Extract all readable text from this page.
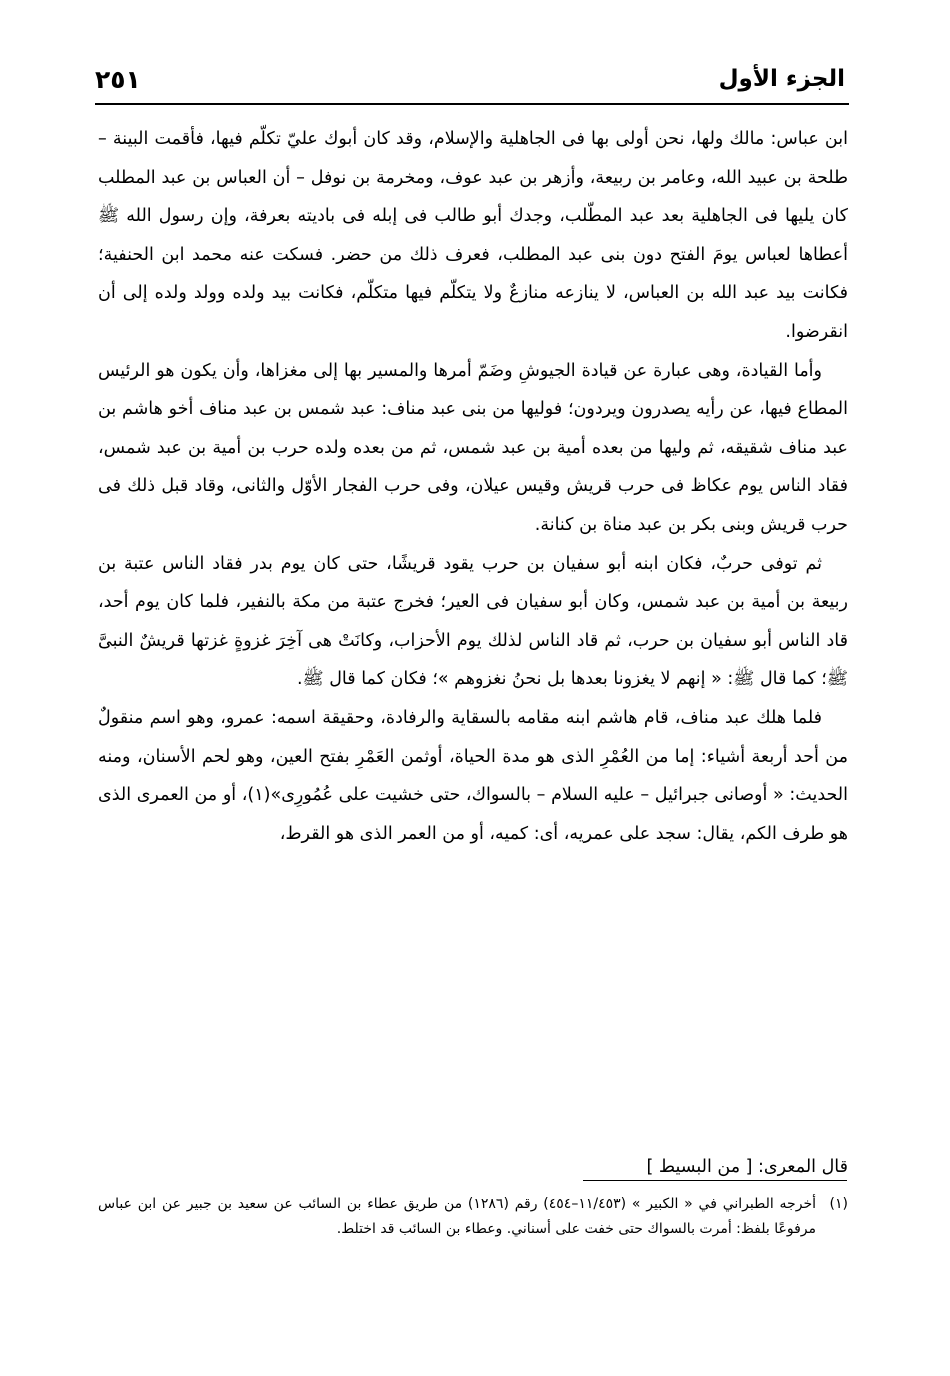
٢٥١	الجزء الأول

ابن عباس: مالك ولها، نحن أولى بها فى الجاهلية والإسلام، وقد كان أبوك عليّ تكلّم فيها، فأقمت البينة – طلحة بن عبيد الله، وعامر بن ربيعة، وأزهر بن عبد عوف، ومخرمة بن نوفل – أن العباس بن عبد المطلب كان يليها فى الجاهلية بعد عبد المطّلب، وجدك أبو طالب فى إبله فى باديته بعرفة، وإن رسول الله ﷺ أعطاها لعباس يومَ الفتح دون بنى عبد المطلب، فعرف ذلك من حضر. فسكت عنه محمد ابن الحنفية؛ فكانت بيد عبد الله بن العباس، لا ينازعه منازعٌ ولا يتكلّم فيها متكلّم، فكانت بيد ولده وولد ولده إلى أن انقرضوا.

وأما القيادة، وهى عبارة عن قيادة الجيوشِ وضَمّ أمرها والمسير بها إلى مغزاها، وأن يكون هو الرئيس المطاع فيها، عن رأيه يصدرون ويردون؛ فوليها من بنى عبد مناف: عبد شمس بن عبد مناف أخو هاشم بن عبد مناف شقيقه، ثم وليها من بعده أمية بن عبد شمس، ثم من بعده ولده حرب بن أمية بن عبد شمس، فقاد الناس يوم عكاظ فى حرب قريش وقيس عيلان، وفى حرب الفجار الأوّل والثانى، وقاد قبل ذلك فى حرب قريش وبنى بكر بن عبد مناة بن كنانة.

ثم توفى حربٌ، فكان ابنه أبو سفيان بن حرب يقود قريشًا، حتى كان يوم بدر فقاد الناس عتبة بن ربيعة بن أمية بن عبد شمس، وكان أبو سفيان فى العير؛ فخرج عتبة من مكة بالنفير، فلما كان يوم أحد، قاد الناس أبو سفيان بن حرب، ثم قاد الناس لذلك يوم الأحزاب، وكانَتْ هى آخِرَ غزوةٍ غزتها قريشٌ النبىَّ ﷺ؛ كما قال ﷺ: « إنهم لا يغزونا بعدها بل نحنُ نغزوهم »؛ فكان كما قال ﷺ.

فلما هلك عبد مناف، قام هاشم ابنه مقامه بالسقاية والرفادة، وحقيقة اسمه: عمرو، وهو اسم منقولٌ من أحد أربعة أشياء: إما من العُمْرِ الذى هو مدة الحياة، أوثمن العَمْرِ بفتح العين، وهو لحم الأسنان، ومنه الحديث: « أوصانى جبرائيل – عليه السلام – بالسواك، حتى خشيت على عُمُورِى»(١)، أو من العمرى الذى هو طرف الكم، يقال: سجد على عمريه، أى: كميه، أو من العمر الذى هو القرط،

قال المعرى: [ من البسيط ]

(١)
أخرجه الطبراني في « الكبير » (١١/٤٥٣–٤٥٤) رقم (١٢٨٦) من طريق عطاء بن السائب عن سعيد بن جبير عن ابن عباس مرفوعًا بلفظ: أمرت بالسواك حتى خفت على أسناني. وعطاء بن السائب قد اختلط.
